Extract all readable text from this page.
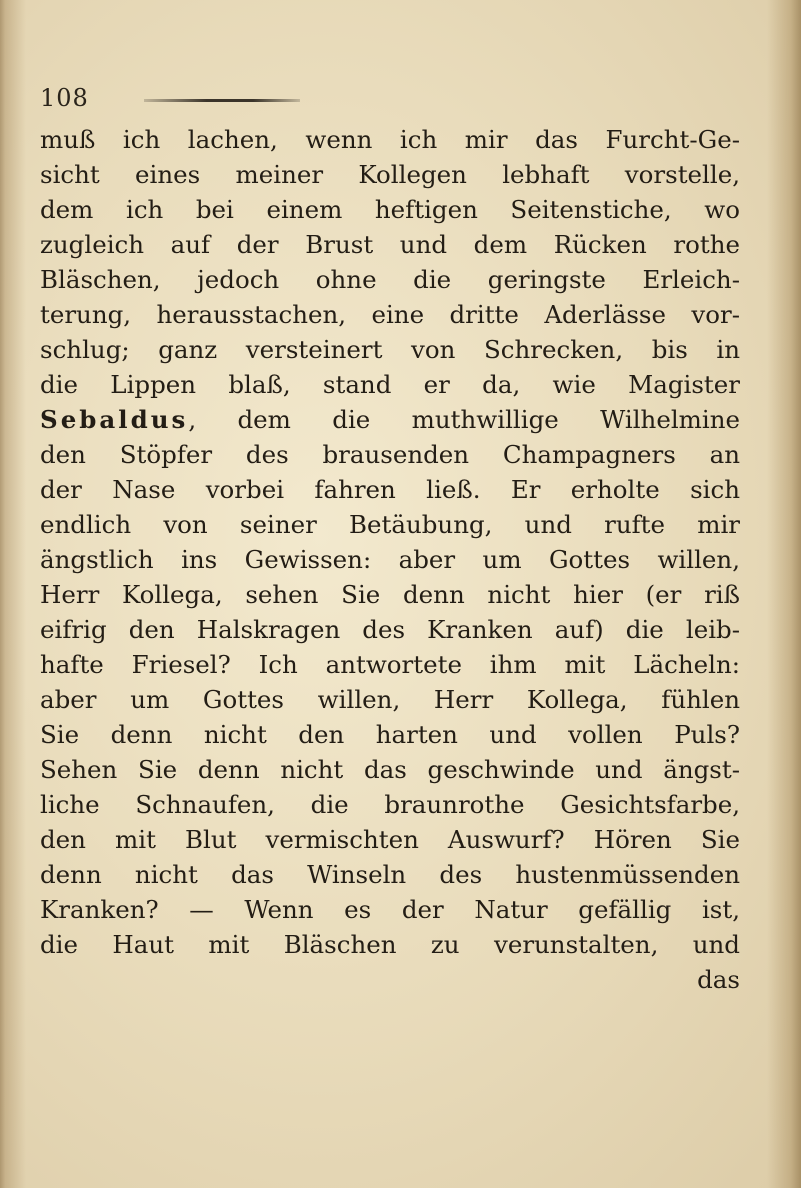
108
muß ich lachen, wenn ich mir das Furcht-Ge-
sicht eines meiner Kollegen lebhaft vorstelle,
dem ich bei einem heftigen Seitenstiche, wo
zugleich auf der Brust und dem Rücken rothe
Bläschen, jedoch ohne die geringste Erleich-
terung, herausstachen, eine dritte Aderlässe vor-
schlug; ganz versteinert von Schrecken, bis in
die Lippen blaß, stand er da, wie Magister
Sebaldus, dem die muthwillige Wilhelmine
den Stöpfer des brausenden Champagners an
der Nase vorbei fahren ließ. Er erholte sich
endlich von seiner Betäubung, und rufte mir
ängstlich ins Gewissen: aber um Gottes willen,
Herr Kollega, sehen Sie denn nicht hier (er riß
eifrig den Halskragen des Kranken auf) die leib-
hafte Friesel? Ich antwortete ihm mit Lächeln:
aber um Gottes willen, Herr Kollega, fühlen
Sie denn nicht den harten und vollen Puls?
Sehen Sie denn nicht das geschwinde und ängst-
liche Schnaufen, die braunrothe Gesichtsfarbe,
den mit Blut vermischten Auswurf? Hören Sie
denn nicht das Winseln des hustenmüssenden
Kranken? — Wenn es der Natur gefällig ist,
die Haut mit Bläschen zu verunstalten, und
das
